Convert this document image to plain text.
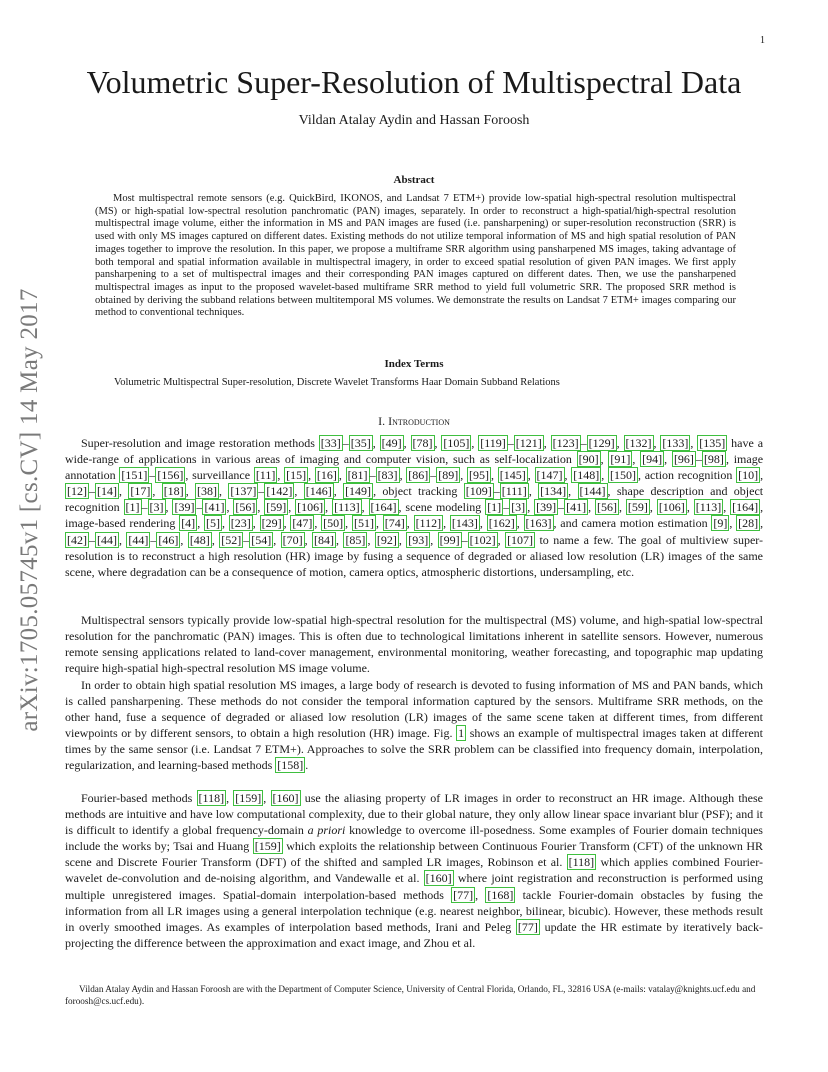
1
arXiv:1705.05745v1 [cs.CV] 14 May 2017
Volumetric Super-Resolution of Multispectral Data
Vildan Atalay Aydin and Hassan Foroosh
Abstract

Most multispectral remote sensors (e.g. QuickBird, IKONOS, and Landsat 7 ETM+) provide low-spatial high-spectral resolution multispectral (MS) or high-spatial low-spectral resolution panchromatic (PAN) images, separately. In order to reconstruct a high-spatial/high-spectral resolution multispectral image volume, either the information in MS and PAN images are fused (i.e. pansharpening) or super-resolution reconstruction (SRR) is used with only MS images captured on different dates. Existing methods do not utilize temporal information of MS and high spatial resolution of PAN images together to improve the resolution. In this paper, we propose a multiframe SRR algorithm using pansharpened MS images, taking advantage of both temporal and spatial information available in multispectral imagery, in order to exceed spatial resolution of given PAN images. We first apply pansharpening to a set of multispectral images and their corresponding PAN images captured on different dates. Then, we use the pansharpened multispectral images as input to the proposed wavelet-based multiframe SRR method to yield full volumetric SRR. The proposed SRR method is obtained by deriving the subband relations between multitemporal MS volumes. We demonstrate the results on Landsat 7 ETM+ images comparing our method to conventional techniques.

Index Terms
Volumetric Multispectral Super-resolution, Discrete Wavelet Transforms Haar Domain Subband Relations
I. Introduction

Super-resolution and image restoration methods [33] – [35] , [49] , [78] , [105] , [119] – [121] , [123] – [129] , [132] , [133] , [135] have a wide-range of applications in various areas of imaging and computer vision, such as self-localization [90] , [91] , [94] , [96] – [98] , image annotation [151] – [156] , surveillance [11] , [15] , [16] , [81] – [83] , [86] – [89] , [95] , [145] , [147] , [148] , [150] , action recognition [10] , [12] – [14] , [17] , [18] , [38] , [137] – [142] , [146] , [149] , object tracking [109] – [111] , [134] , [144] , shape description and object recognition [1] – [3] , [39] – [41] , [56] , [59] , [106] , [113] , [164] , scene modeling [1] – [3] , [39] – [41] , [56] , [59] , [106] , [113] , [164] , image-based rendering [4] , [5] , [23] , [29] , [47] , [50] , [51] , [74] , [112] , [143] , [162] , [163] , and camera motion estimation [9] , [28] , [42] – [44] , [44] – [46] , [48] , [52] – [54] , [70] , [84] , [85] , [92] , [93] , [99] – [102] , [107] to name a few. The goal of multiview super-resolution is to reconstruct a high resolution (HR) image by fusing a sequence of degraded or aliased low resolution (LR) images of the same scene, where degradation can be a consequence of motion, camera optics, atmospheric distortions, undersampling, etc.

Multispectral sensors typically provide low-spatial high-spectral resolution for the multispectral (MS) volume, and high-spatial low-spectral resolution for the panchromatic (PAN) images. This is often due to technological limitations inherent in satellite sensors. However, numerous remote sensing applications related to land-cover management, environmental monitoring, weather forecasting, and topographic map updating require high-spatial high-spectral resolution MS image volume.

In order to obtain high spatial resolution MS images, a large body of research is devoted to fusing information of MS and PAN bands, which is called pansharpening. These methods do not consider the temporal information captured by the sensors. Multiframe SRR methods, on the other hand, fuse a sequence of degraded or aliased low resolution (LR) images of the same scene taken at different times, from different viewpoints or by different sensors, to obtain a high resolution (HR) image. Fig. 1 shows an example of multispectral images taken at different times by the same sensor (i.e. Landsat 7 ETM+). Approaches to solve the SRR problem can be classified into frequency domain, interpolation, regularization, and learning-based methods [158] .

Fourier-based methods [118] , [159] , [160] use the aliasing property of LR images in order to reconstruct an HR image. Although these methods are intuitive and have low computational complexity, due to their global nature, they only allow linear space invariant blur (PSF); and it is difficult to identify a global frequency-domain a priori knowledge to overcome ill-posedness. Some examples of Fourier domain techniques include the works by; Tsai and Huang [159] which exploits the relationship between Continuous Fourier Transform (CFT) of the unknown HR scene and Discrete Fourier Transform (DFT) of the shifted and sampled LR images, Robinson et al. [118] which applies combined Fourier-wavelet de-convolution and de-noising algorithm, and Vandewalle et al. [160] where joint registration and reconstruction is performed using multiple unregistered images. Spatial-domain interpolation-based methods [77] , [168] tackle Fourier-domain obstacles by fusing the information from all LR images using a general interpolation technique (e.g. nearest neighbor, bilinear, bicubic). However, these methods result in overly smoothed images. As examples of interpolation based methods, Irani and Peleg [77] update the HR estimate by iteratively back-projecting the difference between the approximation and exact image, and Zhou et al.

Vildan Atalay Aydin and Hassan Foroosh are with the Department of Computer Science, University of Central Florida, Orlando, FL, 32816 USA (e-mails: vatalay@knights.ucf.edu and foroosh@cs.ucf.edu).
